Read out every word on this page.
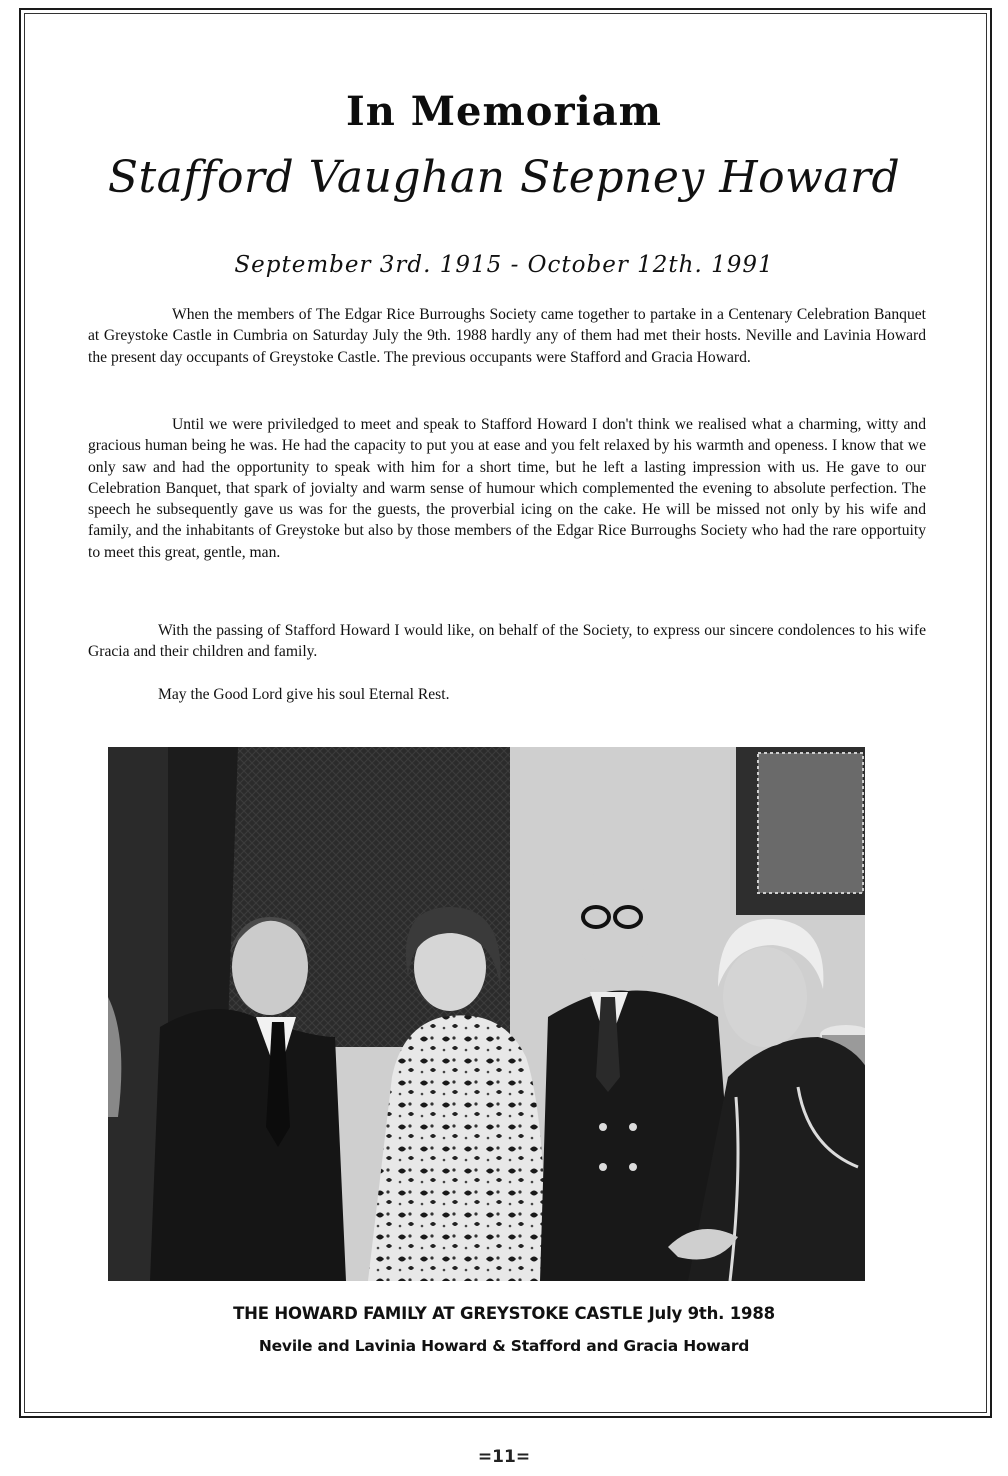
In Memoriam
Stafford Vaughan Stepney Howard
September 3rd. 1915 - October 12th. 1991
When the members of The Edgar Rice Burroughs Society came together to partake in a Centenary Celebration Banquet at Greystoke Castle in Cumbria on Saturday July the 9th. 1988 hardly any of them had met their hosts. Neville and Lavinia Howard the present day occupants of Greystoke Castle. The previous occupants were Stafford and Gracia Howard.
Until we were priviledged to meet and speak to Stafford Howard I don't think we realised what a charming, witty and gracious human being he was. He had the capacity to put you at ease and you felt relaxed by his warmth and openess. I know that we only saw and had the opportunity to speak with him for a short time, but he left a lasting impression with us. He gave to our Celebration Banquet, that spark of jovialty and warm sense of humour which complemented the evening to absolute perfection. The speech he subsequently gave us was for the guests, the proverbial icing on the cake. He will be missed not only by his wife and family, and the inhabitants of Greystoke but also by those members of the Edgar Rice Burroughs Society who had the rare opportuity to meet this great, gentle, man.
With the passing of Stafford Howard I would like, on behalf of the Society, to express our sincere condolences to his wife Gracia and their children and family.
May the Good Lord give his soul Eternal Rest.
THE HOWARD FAMILY AT GREYSTOKE CASTLE July 9th. 1988
Nevile and Lavinia Howard & Stafford and Gracia Howard
=11=
